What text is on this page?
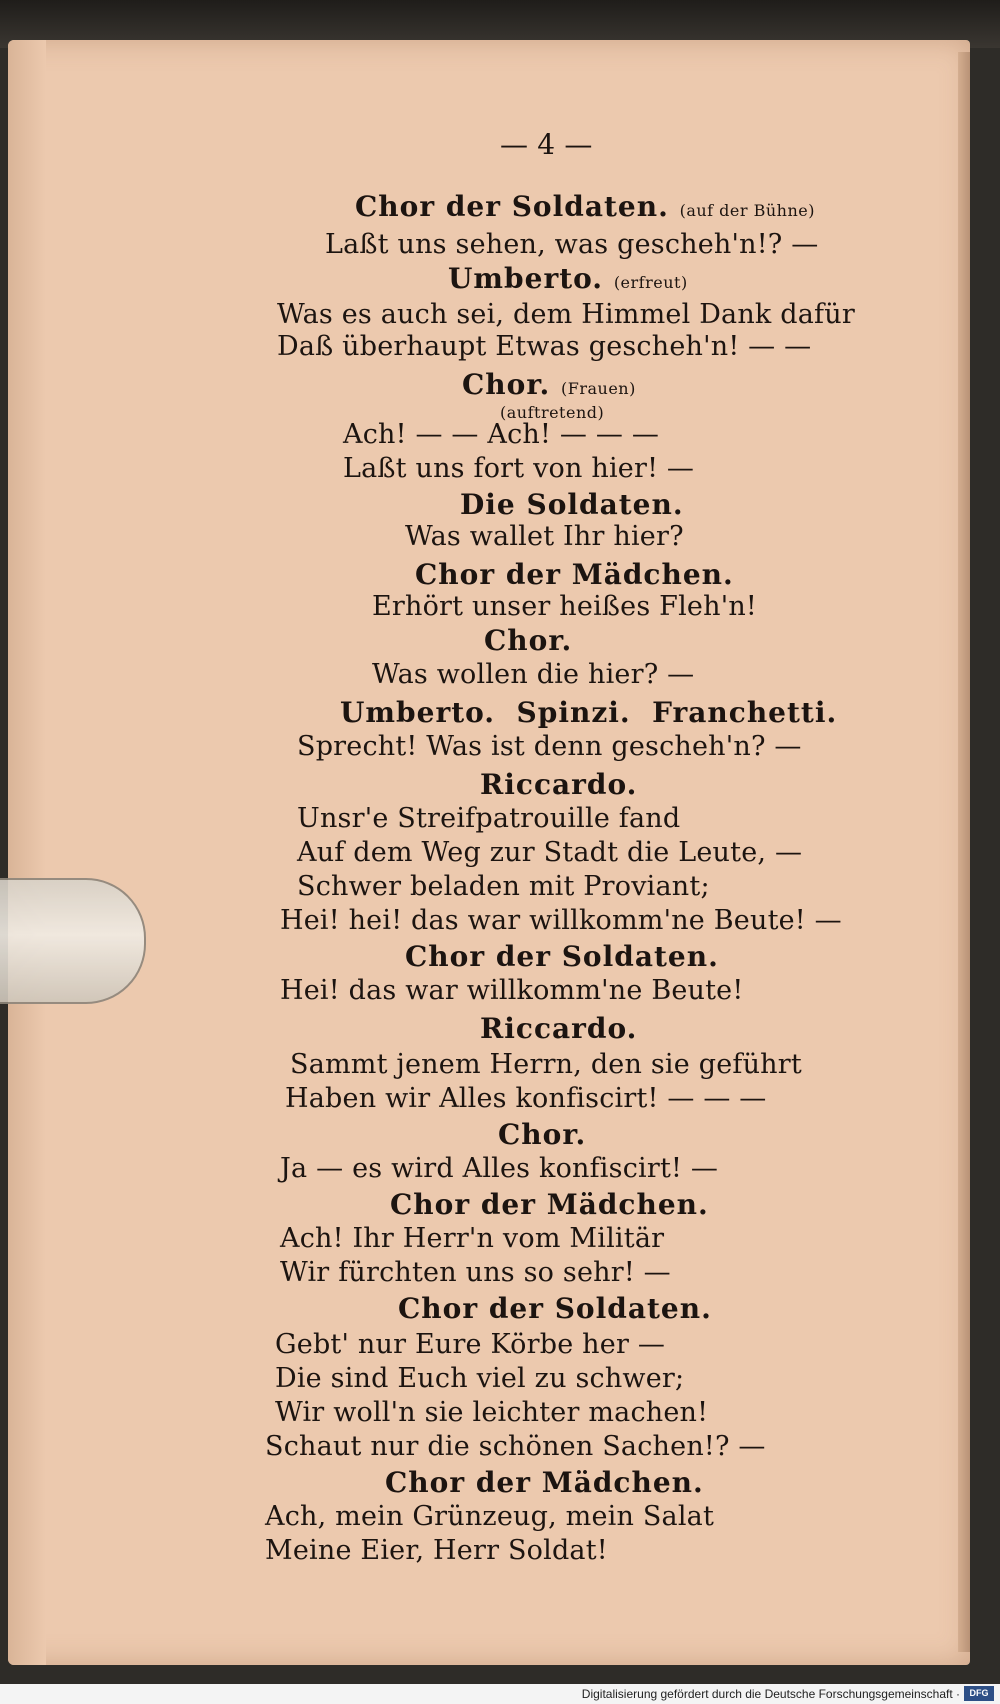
— 4 —
Chor der Soldaten. (auf der Bühne)
Laßt uns sehen, was gescheh'n!? —
Umberto. (erfreut)
Was es auch sei, dem Himmel Dank dafür
Daß überhaupt Etwas gescheh'n! — —
Chor. (Frauen)
(auftretend)
Ach! — — Ach! — — —
Laßt uns fort von hier! —
Die Soldaten.
Was wallet Ihr hier?
Chor der Mädchen.
Erhört unser heißes Fleh'n!
Chor.
Was wollen die hier? —
Umberto.  Spinzi.  Franchetti.
Sprecht! Was ist denn gescheh'n? —
Riccardo.
Unsr'e Streifpatrouille fand
Auf dem Weg zur Stadt die Leute, —
Schwer beladen mit Proviant;
Hei! hei! das war willkomm'ne Beute! —
Chor der Soldaten.
Hei! das war willkomm'ne Beute!
Riccardo.
Sammt jenem Herrn, den sie geführt
Haben wir Alles konfiscirt! — — —
Chor.
Ja — es wird Alles konfiscirt! —
Chor der Mädchen.
Ach! Ihr Herr'n vom Militär
Wir fürchten uns so sehr! —
Chor der Soldaten.
Gebt' nur Eure Körbe her —
Die sind Euch viel zu schwer;
Wir woll'n sie leichter machen!
Schaut nur die schönen Sachen!? —
Chor der Mädchen.
Ach, mein Grünzeug, mein Salat
Meine Eier, Herr Soldat!
Digitalisierung gefördert durch die Deutsche Forschungsgemeinschaft ·	DFG
